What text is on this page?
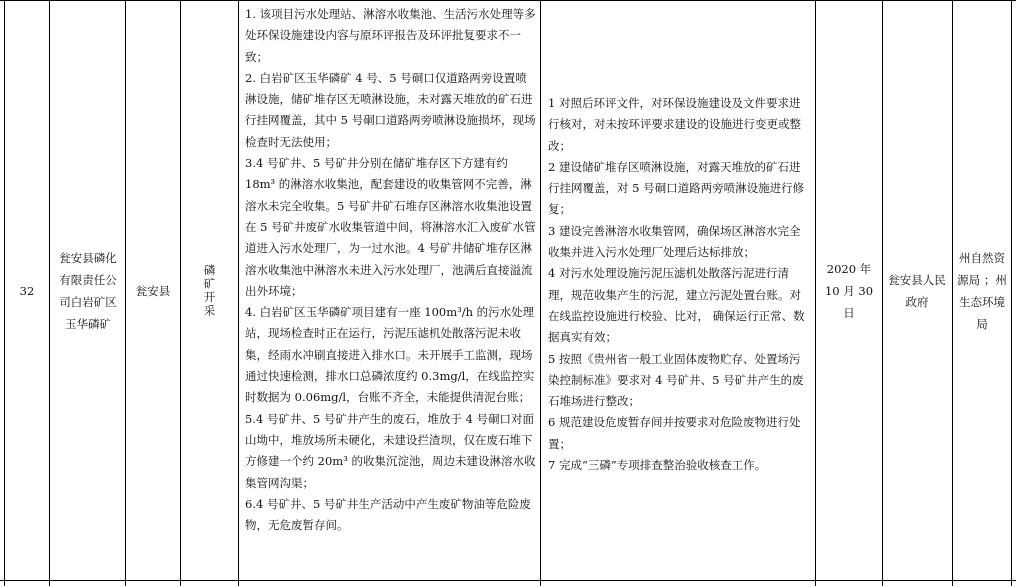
32
瓮安县磷化有限责任公司白岩矿区玉华磷矿
瓮安县	磷矿开采

1. 该项目污水处理站、淋溶水收集池、生活污水处理等多处环保设施建设内容与原环评报告及环评批复要求不一致；

2. 白岩矿区玉华磷矿 4 号、5 号硐口仅道路两旁设置喷淋设施，储矿堆存区无喷淋设施，未对露天堆放的矿石进行挂网覆盖，其中 5 号硐口道路两旁喷淋设施损坏，现场检查时无法使用；

3.4 号矿井、5 号矿井分别在储矿堆存区下方建有约 18m³ 的淋溶水收集池，配套建设的收集管网不完善，淋溶水未完全收集。5 号矿井矿石堆存区淋溶水收集池设置在 5 号矿井废矿水收集管道中间，将淋溶水汇入废矿水管道进入污水处理厂，为一过水池。4 号矿井储矿堆存区淋溶水收集池中淋溶水未进入污水处理厂，池满后直接溢流出外环境；

4. 白岩矿区玉华磷矿项目建有一座 100m³/h 的污水处理站，现场检查时正在运行，污泥压滤机处散落污泥未收集，经雨水冲刷直接进入排水口。未开展手工监测，现场通过快速检测，排水口总磷浓度约 0.3mg/l，在线监控实时数据为 0.06mg/l，台账不齐全，未能提供清泥台账；

5.4 号矿井、5 号矿井产生的废石，堆放于 4 号硐口对面山坳中，堆放场所未硬化，未建设拦渣坝，仅在废石堆下方修建一个约 20m³ 的收集沉淀池，周边未建设淋溶水收集管网沟渠；

6.4 号矿井、5 号矿井生产活动中产生废矿物油等危险废物，无危废暂存间。

1 对照后环评文件，对环保设施建设及文件要求进行核对，对未按环评要求建设的设施进行变更或整改；

2 建设储矿堆存区喷淋设施，对露天堆放的矿石进行挂网覆盖，对 5 号硐口道路两旁喷淋设施进行修复；

3 建设完善淋溶水收集管网，确保场区淋溶水完全收集并进入污水处理厂处理后达标排放；

4 对污水处理设施污泥压滤机处散落污泥进行清理，规范收集产生的污泥，建立污泥处置台账。对在线监控设施进行校验、比对， 确保运行正常、数据真实有效；

5 按照《贵州省一般工业固体废物贮存、处置场污染控制标准》要求对 4 号矿井、5 号矿井产生的废石堆场进行整改；

6 规范建设危废暂存间并按要求对危险废物进行处置；

7 完成“三磷”专项排查整治验收核查工作。

2020 年10 月 30 日
瓮安县人民政府
州自然资 源局 ；州生态环境局
